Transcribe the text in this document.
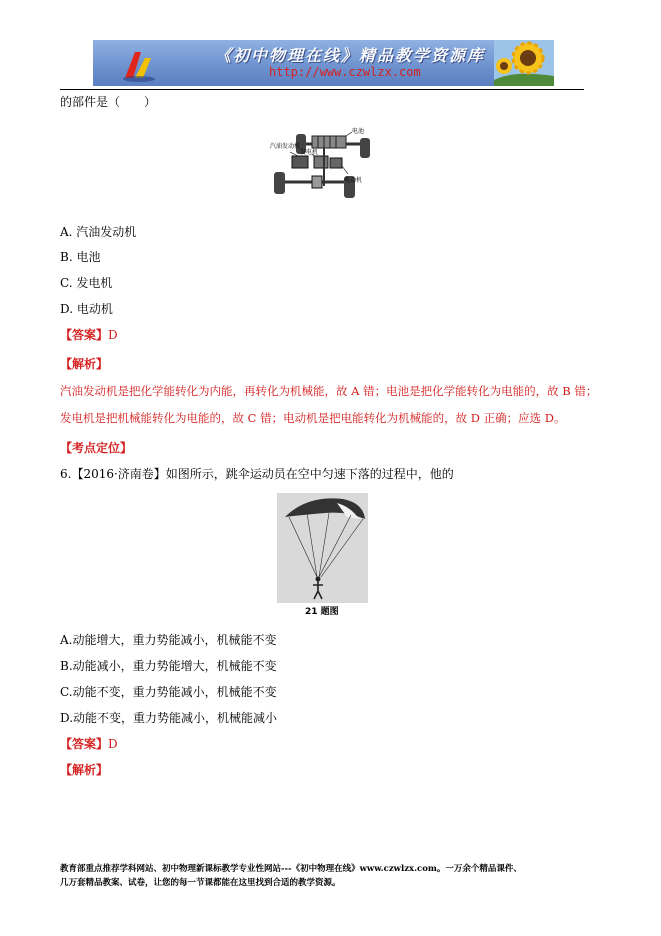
《初中物理在线》精品教学资源库
http://www.czwlzx.com
的部件是（　　）
电池
汽油发动机
发电机
电动机
A. 汽油发动机
B. 电池
C. 发电机
D. 电动机
【答案】D
【解析】
汽油发动机是把化学能转化为内能，再转化为机械能，故 A 错；电池是把化学能转化为电能的，故 B 错；
发电机是把机械能转化为电能的，故 C 错；电动机是把电能转化为机械能的，故 D 正确；应选 D。
【考点定位】
6.【2016·济南卷】如图所示，跳伞运动员在空中匀速下落的过程中，他的
21 题图
A.动能增大，重力势能减小，机械能不变
B.动能减小，重力势能增大，机械能不变
C.动能不变，重力势能减小，机械能不变
D.动能不变，重力势能减小，机械能减小
【答案】D
【解析】
教育部重点推荐学科网站、初中物理新课标教学专业性网站---《初中物理在线》www.czwlzx.com。一万余个精品课件、
几万套精品教案、试卷，让您的每一节课都能在这里找到合适的教学资源。
